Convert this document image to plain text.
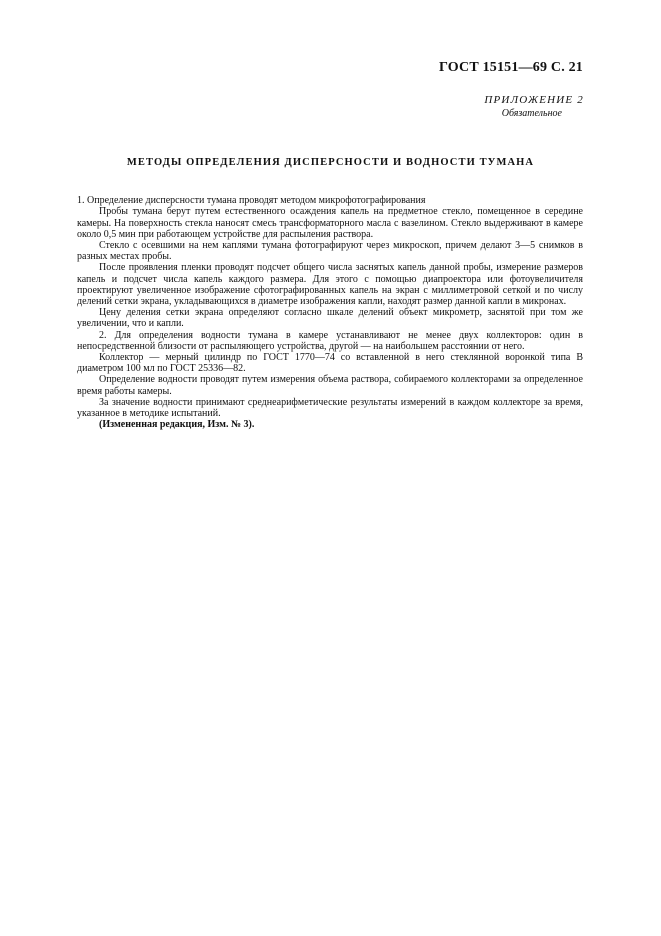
ГОСТ 15151—69 С. 21
ПРИЛОЖЕНИЕ 2
Обязательное
МЕТОДЫ ОПРЕДЕЛЕНИЯ ДИСПЕРСНОСТИ И ВОДНОСТИ ТУМАНА

1. Определение дисперсности тумана проводят методом микрофотографирования

Пробы тумана берут путем естественного осаждения капель на предметное стекло, помещенное в середине камеры. На поверхность стекла наносят смесь трансформаторного масла с вазелином. Стекло выдерживают в камере около 0,5 мин при работающем устройстве для распыления раствора.

Стекло с осевшими на нем каплями тумана фотографируют через микроскоп, причем делают 3—5 снимков в разных местах пробы.

После проявления пленки проводят подсчет общего числа заснятых капель данной пробы, измерение размеров капель и подсчет числа капель каждого размера. Для этого с помощью диапроектора или фотоувеличителя проектируют увеличенное изображение сфотографированных капель на экран с миллиметровой сеткой и по числу делений сетки экрана, укладывающихся в диаметре изображения капли, находят размер данной капли в микронах.

Цену деления сетки экрана определяют согласно шкале делений объект микрометр, заснятой при том же увеличении, что и капли.

2. Для определения водности тумана в камере устанавливают не менее двух коллекторов: один в непосредственной близости от распыляющего устройства, другой — на наибольшем расстоянии от него.

Коллектор — мерный цилиндр по ГОСТ 1770—74 со вставленной в него стеклянной воронкой типа В диаметром 100 мл по ГОСТ 25336—82.

Определение водности проводят путем измерения объема раствора, собираемого коллекторами за определенное время работы камеры.

За значение водности принимают среднеарифметические результаты измерений в каждом коллекторе за время, указанное в методике испытаний.

(Измененная редакция, Изм. № 3).
